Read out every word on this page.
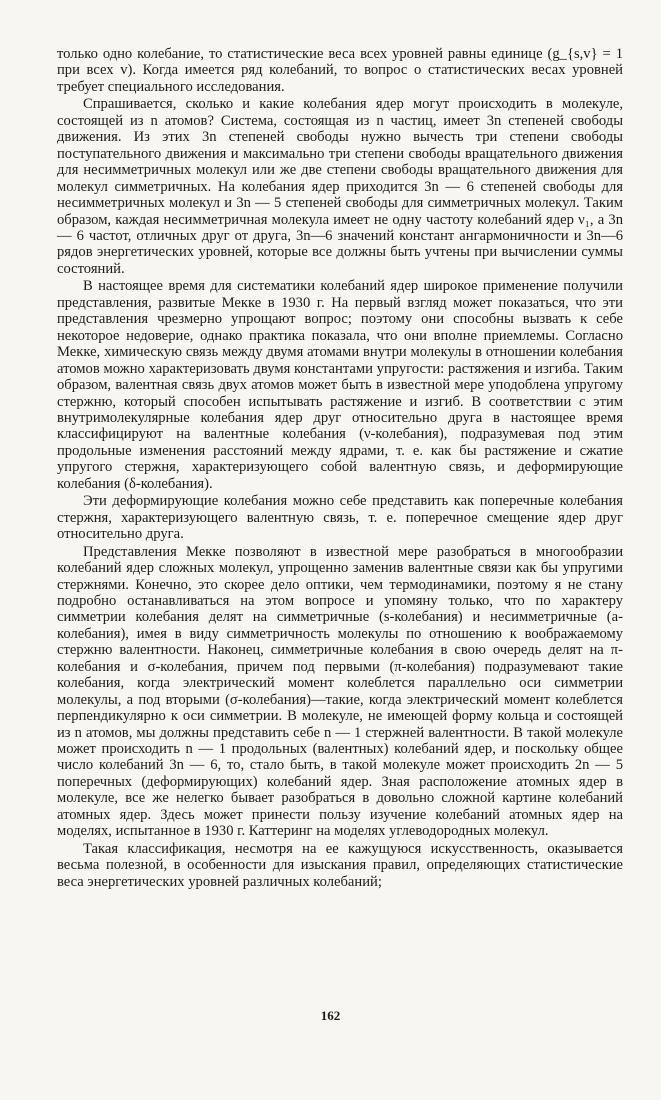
только одно колебание, то статистические веса всех уровней равны единице (g_{s,v} = 1 при всех v). Когда имеется ряд колебаний, то вопрос о статистических весах уровней требует специального исследования.

Спрашивается, сколько и какие колебания ядер могут происходить в молекуле, состоящей из n атомов? Система, состоящая из n частиц, имеет 3n степеней свободы движения. Из этих 3n степеней свободы нужно вычесть три степени свободы поступательного движения и максимально три степени свободы вращательного движения для несимметричных молекул или же две степени свободы вращательного движения для молекул симметричных. На колебания ядер приходится 3n — 6 степеней свободы для несимметричных молекул и 3n — 5 степеней свободы для симметричных молекул. Таким образом, каждая несимметричная молекула имеет не одну частоту колебаний ядер ν₁, а 3n — 6 частот, отличных друг от друга, 3n—6 значений констант ангармоничности и 3n—6 рядов энергетических уровней, которые все должны быть учтены при вычислении суммы состояний.

В настоящее время для систематики колебаний ядер широкое применение получили представления, развитые Мекке в 1930 г. На первый взгляд может показаться, что эти представления чрезмерно упрощают вопрос; поэтому они способны вызвать к себе некоторое недоверие, однако практика показала, что они вполне приемлемы. Согласно Мекке, химическую связь между двумя атомами внутри молекулы в отношении колебания атомов можно характеризовать двумя константами упругости: растяжения и изгиба. Таким образом, валентная связь двух атомов может быть в известной мере уподоблена упругому стержню, который способен испытывать растяжение и изгиб. В соответствии с этим внутримолекулярные колебания ядер друг относительно друга в настоящее время классифицируют на валентные колебания (ν-колебания), подразумевая под этим продольные изменения расстояний между ядрами, т. е. как бы растяжение и сжатие упругого стержня, характеризующего собой валентную связь, и деформирующие колебания (δ-колебания).

Эти деформирующие колебания можно себе представить как поперечные колебания стержня, характеризующего валентную связь, т. е. поперечное смещение ядер друг относительно друга.

Представления Мекке позволяют в известной мере разобраться в многообразии колебаний ядер сложных молекул, упрощенно заменив валентные связи как бы упругими стержнями. Конечно, это скорее дело оптики, чем термодинамики, поэтому я не стану подробно останавливаться на этом вопросе и упомяну только, что по характеру симметрии колебания делят на симметричные (s-колебания) и несимметричные (a-колебания), имея в виду симметричность молекулы по отношению к воображаемому стержню валентности. Наконец, симметричные колебания в свою очередь делят на π-колебания и σ-колебания, причем под первыми (π-колебания) подразумевают такие колебания, когда электрический момент колеблется параллельно оси симметрии молекулы, а под вторыми (σ-колебания)—такие, когда электрический момент колеблется перпендикулярно к оси симметрии. В молекуле, не имеющей форму кольца и состоящей из n атомов, мы должны представить себе n — 1 стержней валентности. В такой молекуле может происходить n — 1 продольных (валентных) колебаний ядер, и поскольку общее число колебаний 3n — 6, то, стало быть, в такой молекуле может происходить 2n — 5 поперечных (деформирующих) колебаний ядер. Зная расположение атомных ядер в молекуле, все же нелегко бывает разобраться в довольно сложной картине колебаний атомных ядер. Здесь может принести пользу изучение колебаний атомных ядер на моделях, испытанное в 1930 г. Каттеринг на моделях углеводородных молекул.

Такая классификация, несмотря на ее кажущуюся искусственность, оказывается весьма полезной, в особенности для изыскания правил, определяющих статистические веса энергетических уровней различных колебаний;

162
